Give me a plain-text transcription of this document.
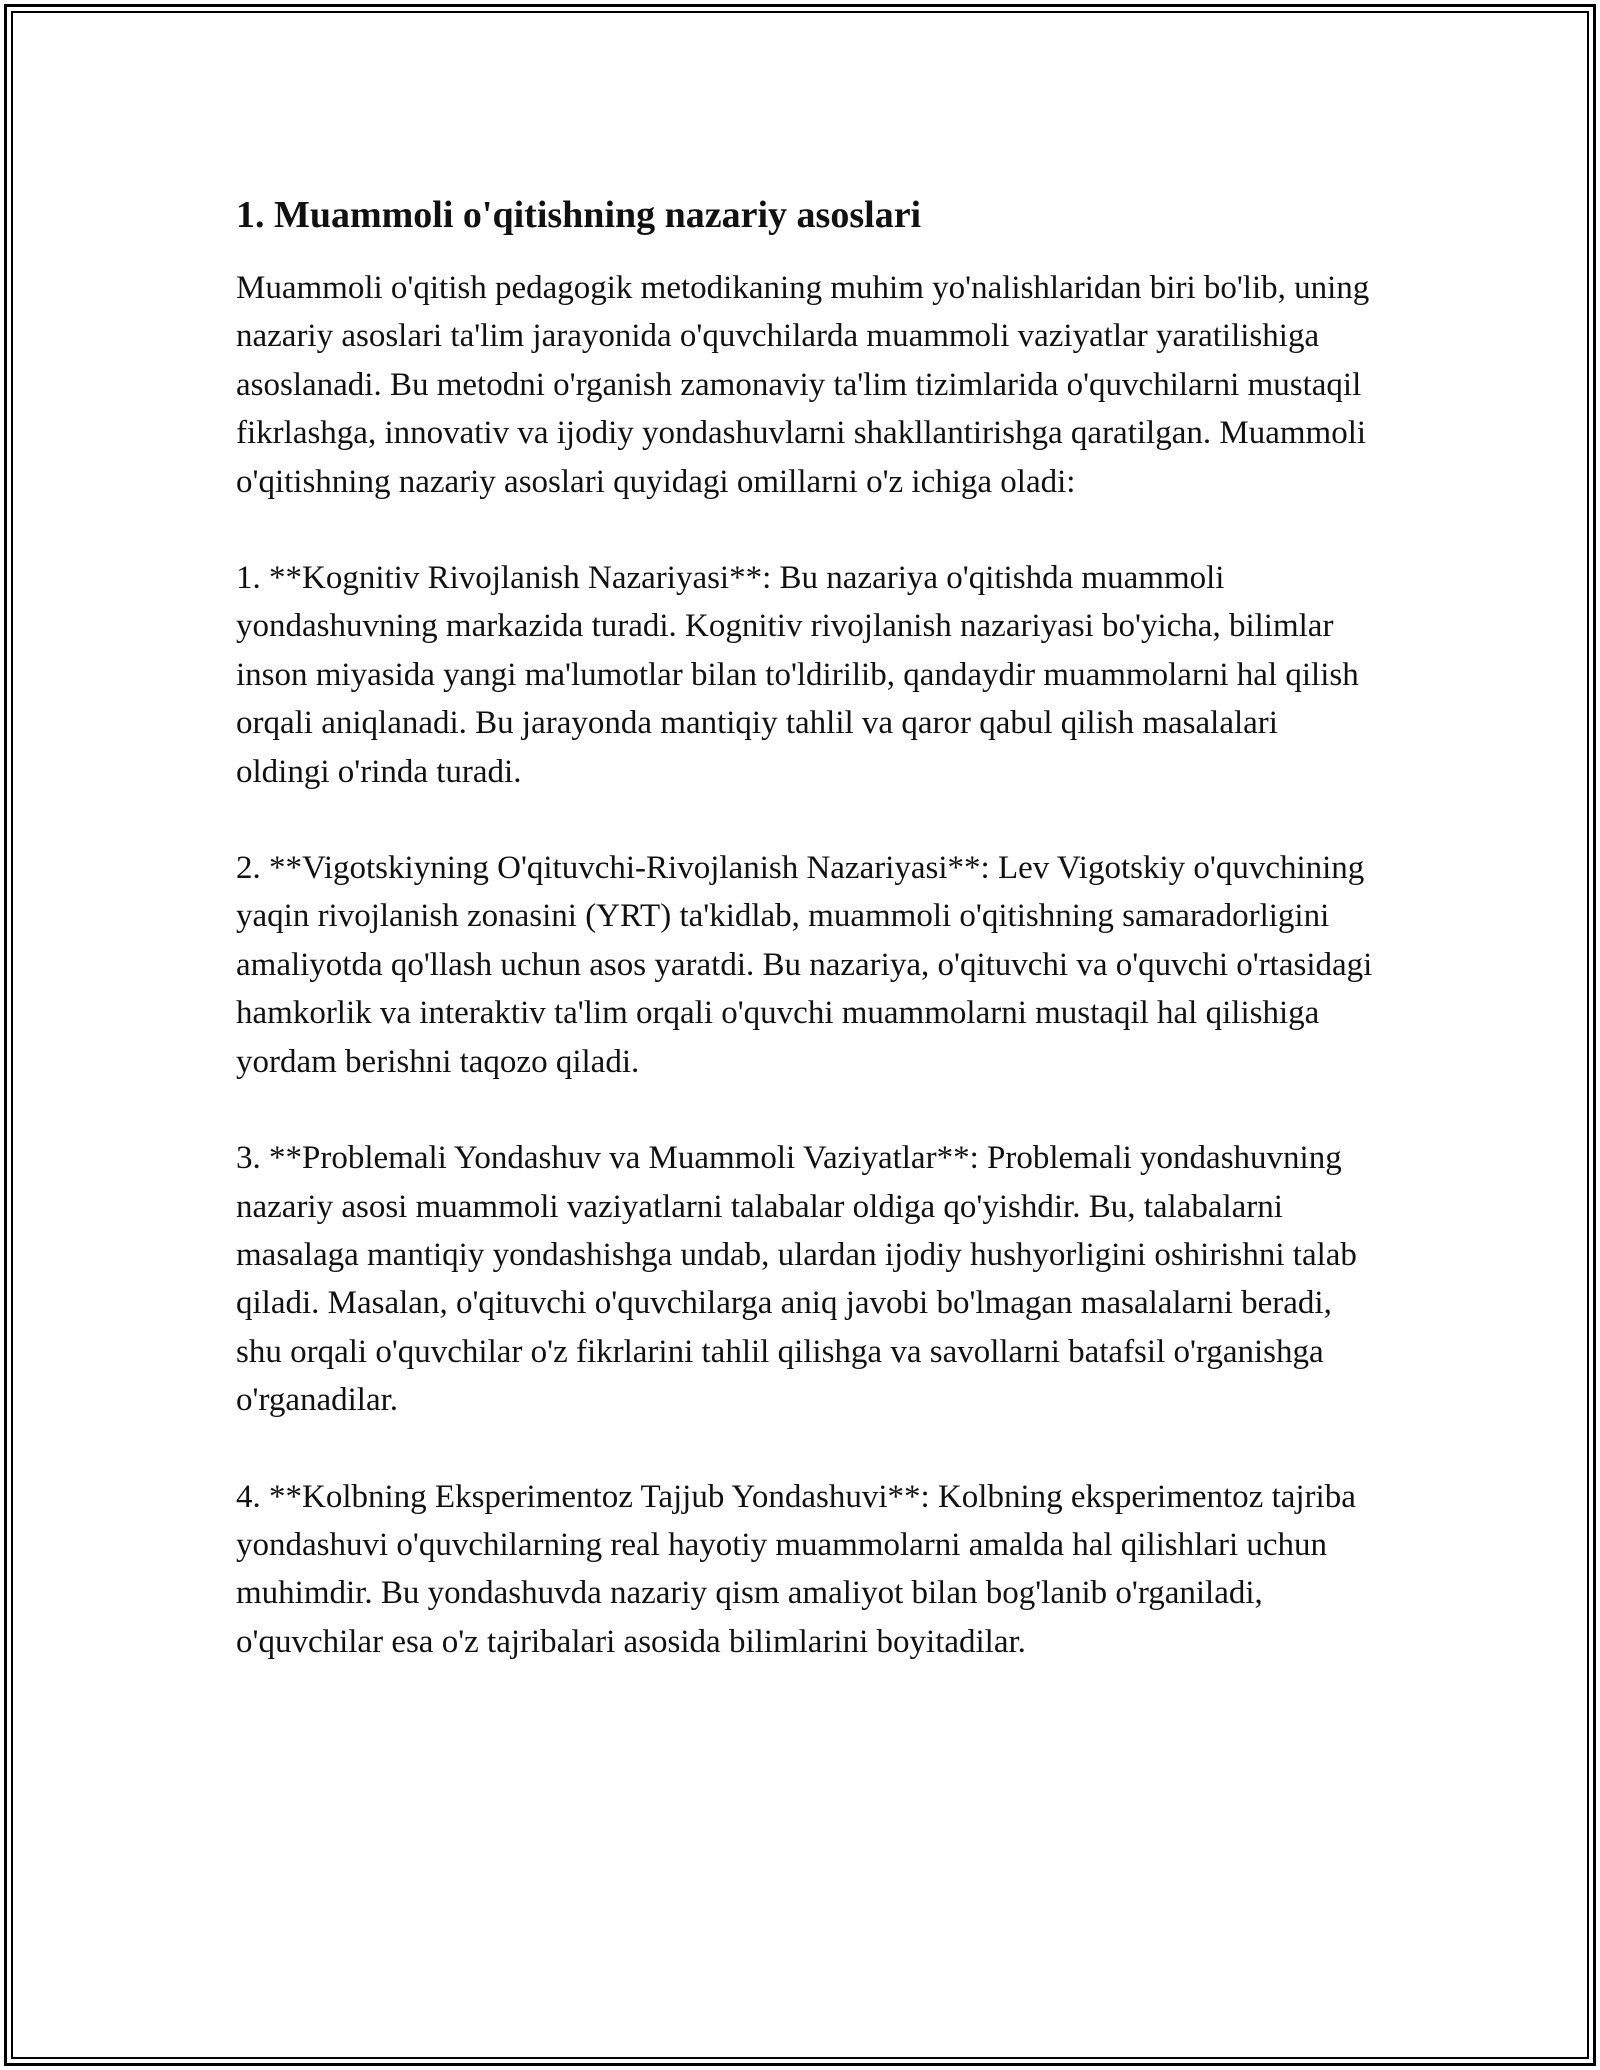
1. Muammoli o'qitishning nazariy asoslari

Muammoli o'qitish pedagogik metodikaning muhim yo'nalishlaridan biri bo'lib, uning nazariy asoslari ta'lim jarayonida o'quvchilarda muammoli vaziyatlar yaratilishiga asoslanadi. Bu metodni o'rganish zamonaviy ta'lim tizimlarida o'quvchilarni mustaqil fikrlashga, innovativ va ijodiy yondashuvlarni shakllantirishga qaratilgan. Muammoli o'qitishning nazariy asoslari quyidagi omillarni o'z ichiga oladi:

1. **Kognitiv Rivojlanish Nazariyasi**: Bu nazariya o'qitishda muammoli yondashuvning markazida turadi. Kognitiv rivojlanish nazariyasi bo'yicha, bilimlar inson miyasida yangi ma'lumotlar bilan to'ldirilib, qandaydir muammolarni hal qilish orqali aniqlanadi. Bu jarayonda mantiqiy tahlil va qaror qabul qilish masalalari oldingi o'rinda turadi.

2. **Vigotskiyning O'qituvchi-Rivojlanish Nazariyasi**: Lev Vigotskiy o'quvchining yaqin rivojlanish zonasini (YRT) ta'kidlab, muammoli o'qitishning samaradorligini amaliyotda qo'llash uchun asos yaratdi. Bu nazariya, o'qituvchi va o'quvchi o'rtasidagi hamkorlik va interaktiv ta'lim orqali o'quvchi muammolarni mustaqil hal qilishiga yordam berishni taqozo qiladi.

3. **Problemali Yondashuv va Muammoli Vaziyatlar**: Problemali yondashuvning nazariy asosi muammoli vaziyatlarni talabalar oldiga qo'yishdir. Bu, talabalarni masalaga mantiqiy yondashishga undab, ulardan ijodiy hushyorligini oshirishni talab qiladi. Masalan, o'qituvchi o'quvchilarga aniq javobi bo'lmagan masalalarni beradi, shu orqali o'quvchilar o'z fikrlarini tahlil qilishga va savollarni batafsil o'rganishga o'rganadilar.

4. **Kolbning Eksperimentoz Tajjub Yondashuvi**: Kolbning eksperimentoz tajriba yondashuvi o'quvchilarning real hayotiy muammolarni amalda hal qilishlari uchun muhimdir. Bu yondashuvda nazariy qism amaliyot bilan bog'lanib o'rganiladi, o'quvchilar esa o'z tajribalari asosida bilimlarini boyitadilar.
